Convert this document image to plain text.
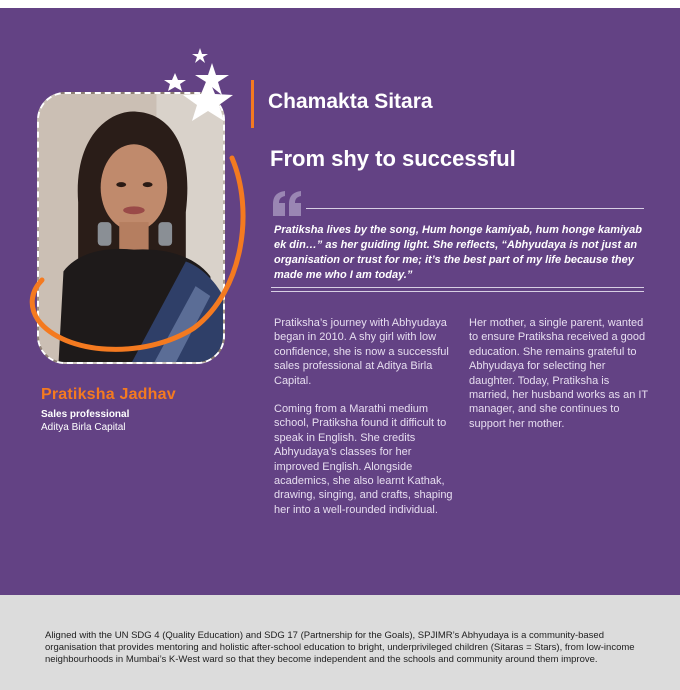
Pratiksha Jadhav
Sales professional
Aditya Birla Capital
Chamakta Sitara
From shy to successful
Pratiksha lives by the song, Hum honge kamiyab, hum honge kamiyab ek din…” as her guiding light. She reflects, “Abhyudaya is not just an organisation or trust for me; it’s the best part of my life because they made me who I am today.”

Pratiksha’s journey with Abhyudaya began in 2010. A shy girl with low confidence, she is now a successful sales professional at Aditya Birla Capital.

Coming from a Marathi medium school, Pratiksha found it difficult to speak in English. She credits Abhyudaya’s classes for her improved English. Alongside academics, she also learnt Kathak, drawing, singing, and crafts, shaping her into a well-rounded individual.

Her mother, a single parent, wanted to ensure Pratiksha received a good education. She remains grateful to Abhyudaya for selecting her daughter. Today, Pratiksha is married, her husband works as an IT manager, and she continues to support her mother.

Aligned with the UN SDG 4 (Quality Education) and SDG 17 (Partnership for the Goals), SPJIMR’s Abhyudaya is a community-based organisation that provides mentoring and holistic after-school education to bright, underprivileged children (Sitaras = Stars), from low-income neighbourhoods in Mumbai’s K-West ward so that they become independent and the schools and community around them improve.
